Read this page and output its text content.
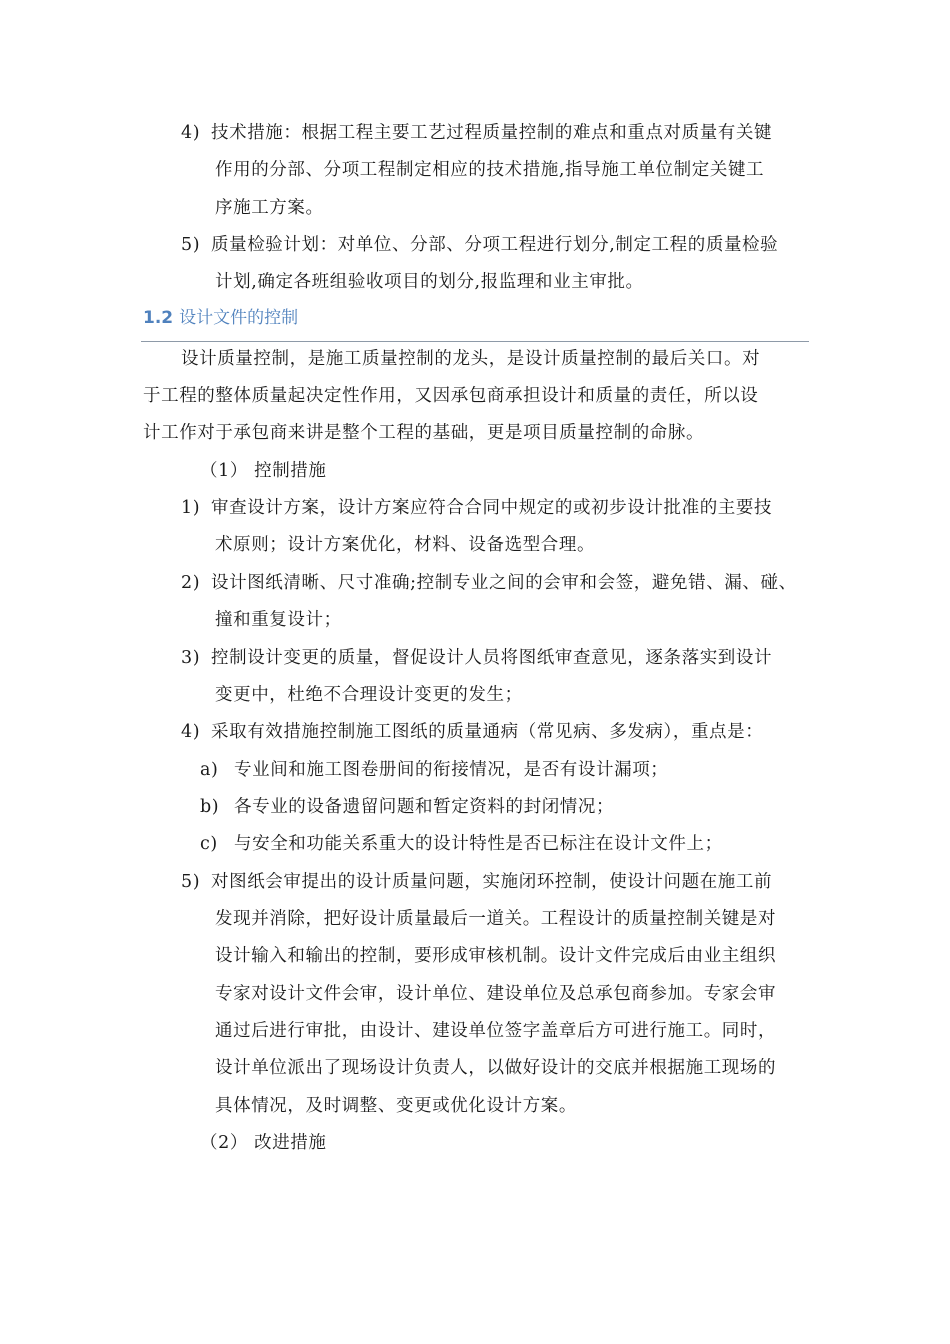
4) 技术措施：根据工程主要工艺过程质量控制的难点和重点对质量有关键
作用的分部、分项工程制定相应的技术措施,指导施工单位制定关键工
序施工方案。
5) 质量检验计划：对单位、分部、分项工程进行划分,制定工程的质量检验
计划,确定各班组验收项目的划分,报监理和业主审批。
1.2 设计文件的控制
设计质量控制，是施工质量控制的龙头，是设计质量控制的最后关口。对
于工程的整体质量起决定性作用，又因承包商承担设计和质量的责任，所以设
计工作对于承包商来讲是整个工程的基础，更是项目质量控制的命脉。
（1） 控制措施
1) 审查设计方案，设计方案应符合合同中规定的或初步设计批准的主要技
术原则；设计方案优化，材料、设备选型合理。
2) 设计图纸清晰、尺寸准确;控制专业之间的会审和会签，避免错、漏、碰、
撞和重复设计；
3) 控制设计变更的质量，督促设计人员将图纸审查意见，逐条落实到设计
变更中，杜绝不合理设计变更的发生；
4) 采取有效措施控制施工图纸的质量通病（常见病、多发病），重点是：
a) 专业间和施工图卷册间的衔接情况，是否有设计漏项；
b) 各专业的设备遗留问题和暂定资料的封闭情况；
c) 与安全和功能关系重大的设计特性是否已标注在设计文件上；
5) 对图纸会审提出的设计质量问题，实施闭环控制，使设计问题在施工前
发现并消除，把好设计质量最后一道关。工程设计的质量控制关键是对
设计输入和输出的控制，要形成审核机制。设计文件完成后由业主组织
专家对设计文件会审，设计单位、建设单位及总承包商参加。专家会审
通过后进行审批，由设计、建设单位签字盖章后方可进行施工。同时，
设计单位派出了现场设计负责人，以做好设计的交底并根据施工现场的
具体情况，及时调整、变更或优化设计方案。
（2） 改进措施
